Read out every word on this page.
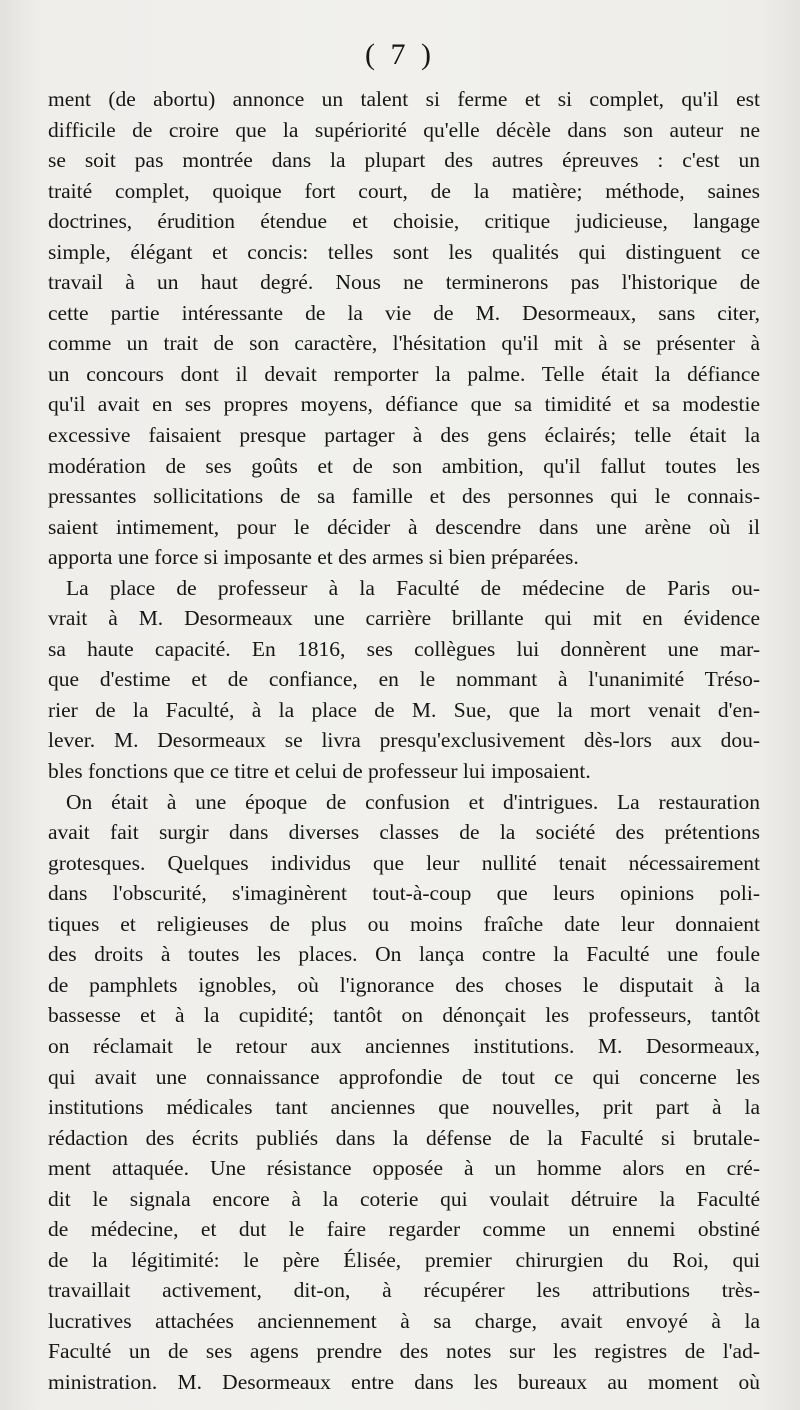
( 7 )
ment (de abortu) annonce un talent si ferme et si complet, qu'il est
difficile de croire que la supériorité qu'elle décèle dans son auteur ne
se soit pas montrée dans la plupart des autres épreuves : c'est un
traité complet, quoique fort court, de la matière; méthode, saines
doctrines, érudition étendue et choisie, critique judicieuse, langage
simple, élégant et concis: telles sont les qualités qui distinguent ce
travail à un haut degré. Nous ne terminerons pas l'historique de
cette partie intéressante de la vie de M. Desormeaux, sans citer,
comme un trait de son caractère, l'hésitation qu'il mit à se présenter à
un concours dont il devait remporter la palme. Telle était la défiance
qu'il avait en ses propres moyens, défiance que sa timidité et sa modestie
excessive faisaient presque partager à des gens éclairés; telle était la
modération de ses goûts et de son ambition, qu'il fallut toutes les
pressantes sollicitations de sa famille et des personnes qui le connais-
saient intimement, pour le décider à descendre dans une arène où il
apporta une force si imposante et des armes si bien préparées.
La place de professeur à la Faculté de médecine de Paris ou-
vrait à M. Desormeaux une carrière brillante qui mit en évidence
sa haute capacité. En 1816, ses collègues lui donnèrent une mar-
que d'estime et de confiance, en le nommant à l'unanimité Tréso-
rier de la Faculté, à la place de M. Sue, que la mort venait d'en-
lever. M. Desormeaux se livra presqu'exclusivement dès-lors aux dou-
bles fonctions que ce titre et celui de professeur lui imposaient.
On était à une époque de confusion et d'intrigues. La restauration
avait fait surgir dans diverses classes de la société des prétentions
grotesques. Quelques individus que leur nullité tenait nécessairement
dans l'obscurité, s'imaginèrent tout-à-coup que leurs opinions poli-
tiques et religieuses de plus ou moins fraîche date leur donnaient
des droits à toutes les places. On lança contre la Faculté une foule
de pamphlets ignobles, où l'ignorance des choses le disputait à la
bassesse et à la cupidité; tantôt on dénonçait les professeurs, tantôt
on réclamait le retour aux anciennes institutions. M. Desormeaux,
qui avait une connaissance approfondie de tout ce qui concerne les
institutions médicales tant anciennes que nouvelles, prit part à la
rédaction des écrits publiés dans la défense de la Faculté si brutale-
ment attaquée. Une résistance opposée à un homme alors en cré-
dit le signala encore à la coterie qui voulait détruire la Faculté
de médecine, et dut le faire regarder comme un ennemi obstiné
de la légitimité: le père Élisée, premier chirurgien du Roi, qui
travaillait activement, dit-on, à récupérer les attributions très-
lucratives attachées anciennement à sa charge, avait envoyé à la
Faculté un de ses agens prendre des notes sur les registres de l'ad-
ministration. M. Desormeaux entre dans les bureaux au moment où
